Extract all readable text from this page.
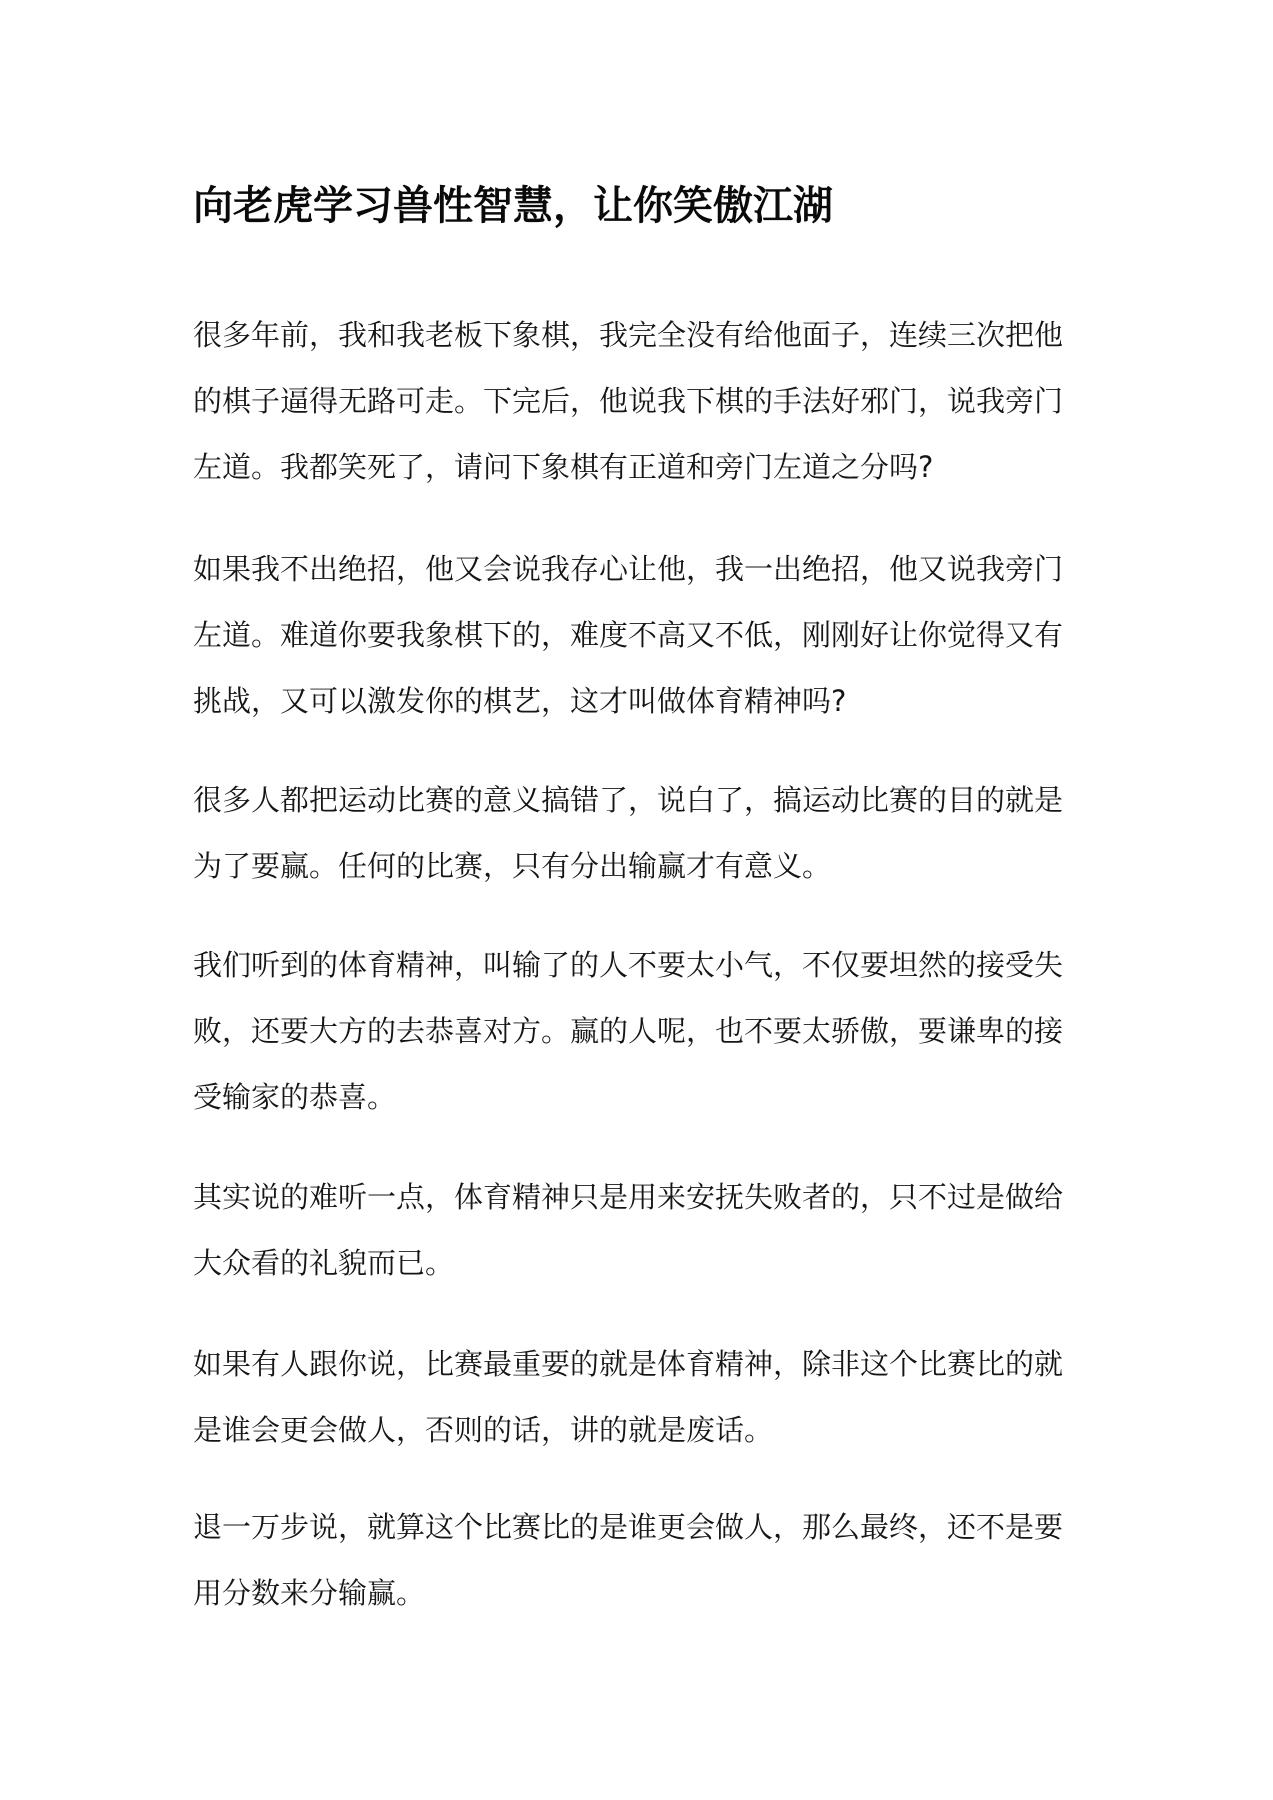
向老虎学习兽性智慧，让你笑傲江湖

很多年前，我和我老板下象棋，我完全没有给他面子，连续三次把他
的棋子逼得无路可走。下完后，他说我下棋的手法好邪门，说我旁门
左道。我都笑死了，请问下象棋有正道和旁门左道之分吗?

如果我不出绝招，他又会说我存心让他，我一出绝招，他又说我旁门
左道。难道你要我象棋下的，难度不高又不低，刚刚好让你觉得又有
挑战，又可以激发你的棋艺，这才叫做体育精神吗?

很多人都把运动比赛的意义搞错了，说白了，搞运动比赛的目的就是
为了要赢。任何的比赛，只有分出输赢才有意义。

我们听到的体育精神，叫输了的人不要太小气，不仅要坦然的接受失
败，还要大方的去恭喜对方。赢的人呢，也不要太骄傲，要谦卑的接
受输家的恭喜。

其实说的难听一点，体育精神只是用来安抚失败者的，只不过是做给
大众看的礼貌而已。

如果有人跟你说，比赛最重要的就是体育精神，除非这个比赛比的就
是谁会更会做人，否则的话，讲的就是废话。

退一万步说，就算这个比赛比的是谁更会做人，那么最终，还不是要
用分数来分输赢。
